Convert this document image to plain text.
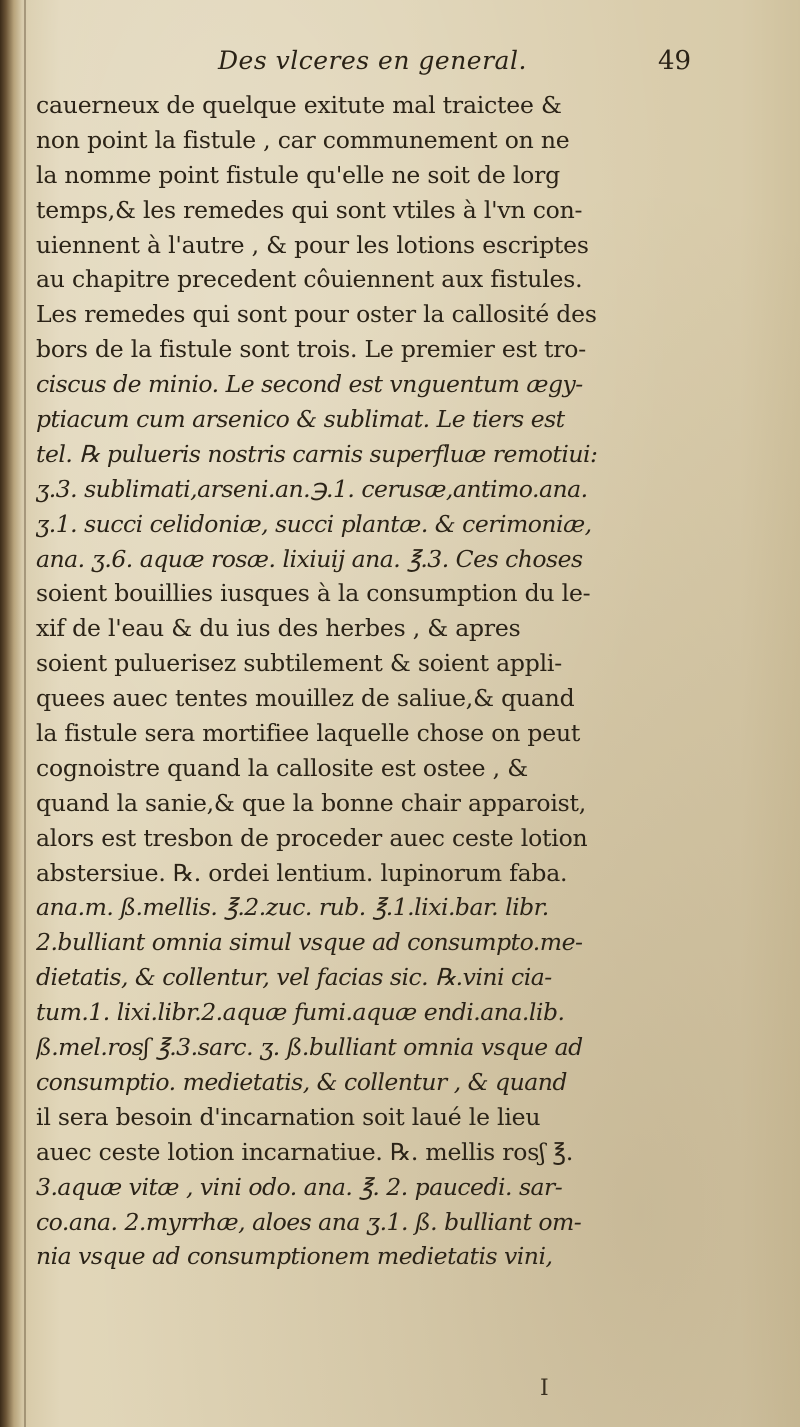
Des vlceres en general.	49
cauerneux de quelque exitute mal traictee &
non point la fistule , car communement on ne
la nomme point fistule qu'elle ne soit de lorg
temps,& les remedes qui sont vtiles à l'vn con-
uiennent à l'autre , & pour les lotions escriptes
au chapitre precedent côuiennent aux fistules.
Les remedes qui sont pour oster la callosité des
bors de la fistule sont trois. Le premier est tro-
ciscus de minio. Le second est vnguentum ægy-
ptiacum cum arsenico & sublimat. Le tiers est
tel. ℞ pulueris nostris carnis superfluæ remotiui:
ʒ.3. sublimati,arseni.an.℈.1. cerusæ,antimo.ana.
ʒ.1. succi celidoniæ, succi plantæ. & cerimoniæ,
ana. ʒ.6. aquæ rosæ. lixiuij ana. ℥.3. Ces choses
soient bouillies iusques à la consumption du le-
xif de l'eau & du ius des herbes , & apres
soient puluerisez subtilement & soient appli-
quees auec tentes mouillez de saliue,& quand
la fistule sera mortifiee laquelle chose on peut
cognoistre quand la callosite est ostee , &
quand la sanie,& que la bonne chair apparoist,
alors est tresbon de proceder auec ceste lotion
abstersiue. ℞. ordei lentium. lupinorum faba.
ana.m. ß.mellis. ℥.2.zuc. rub. ℥.1.lixi.bar. libr.
2.bulliant omnia simul vsque ad consumpto.me-
dietatis, & collentur, vel facias sic. ℞.vini cia-
tum.1. lixi.libr.2.aquæ fumi.aquæ endi.ana.lib.
ß.mel.rosʃ ℥.3.sarc. ʒ. ß.bulliant omnia vsque ad
consumptio. medietatis, & collentur , & quand
il sera besoin d'incarnation soit laué le lieu
auec ceste lotion incarnatiue. ℞. mellis rosʃ ℥.
3.aquæ vitæ , vini odo. ana. ℥. 2. paucedi. sar-
co.ana. 2.myrrhæ, aloes ana ʒ.1. ß. bulliant om-
nia vsque ad consumptionem medietatis vini,
I
